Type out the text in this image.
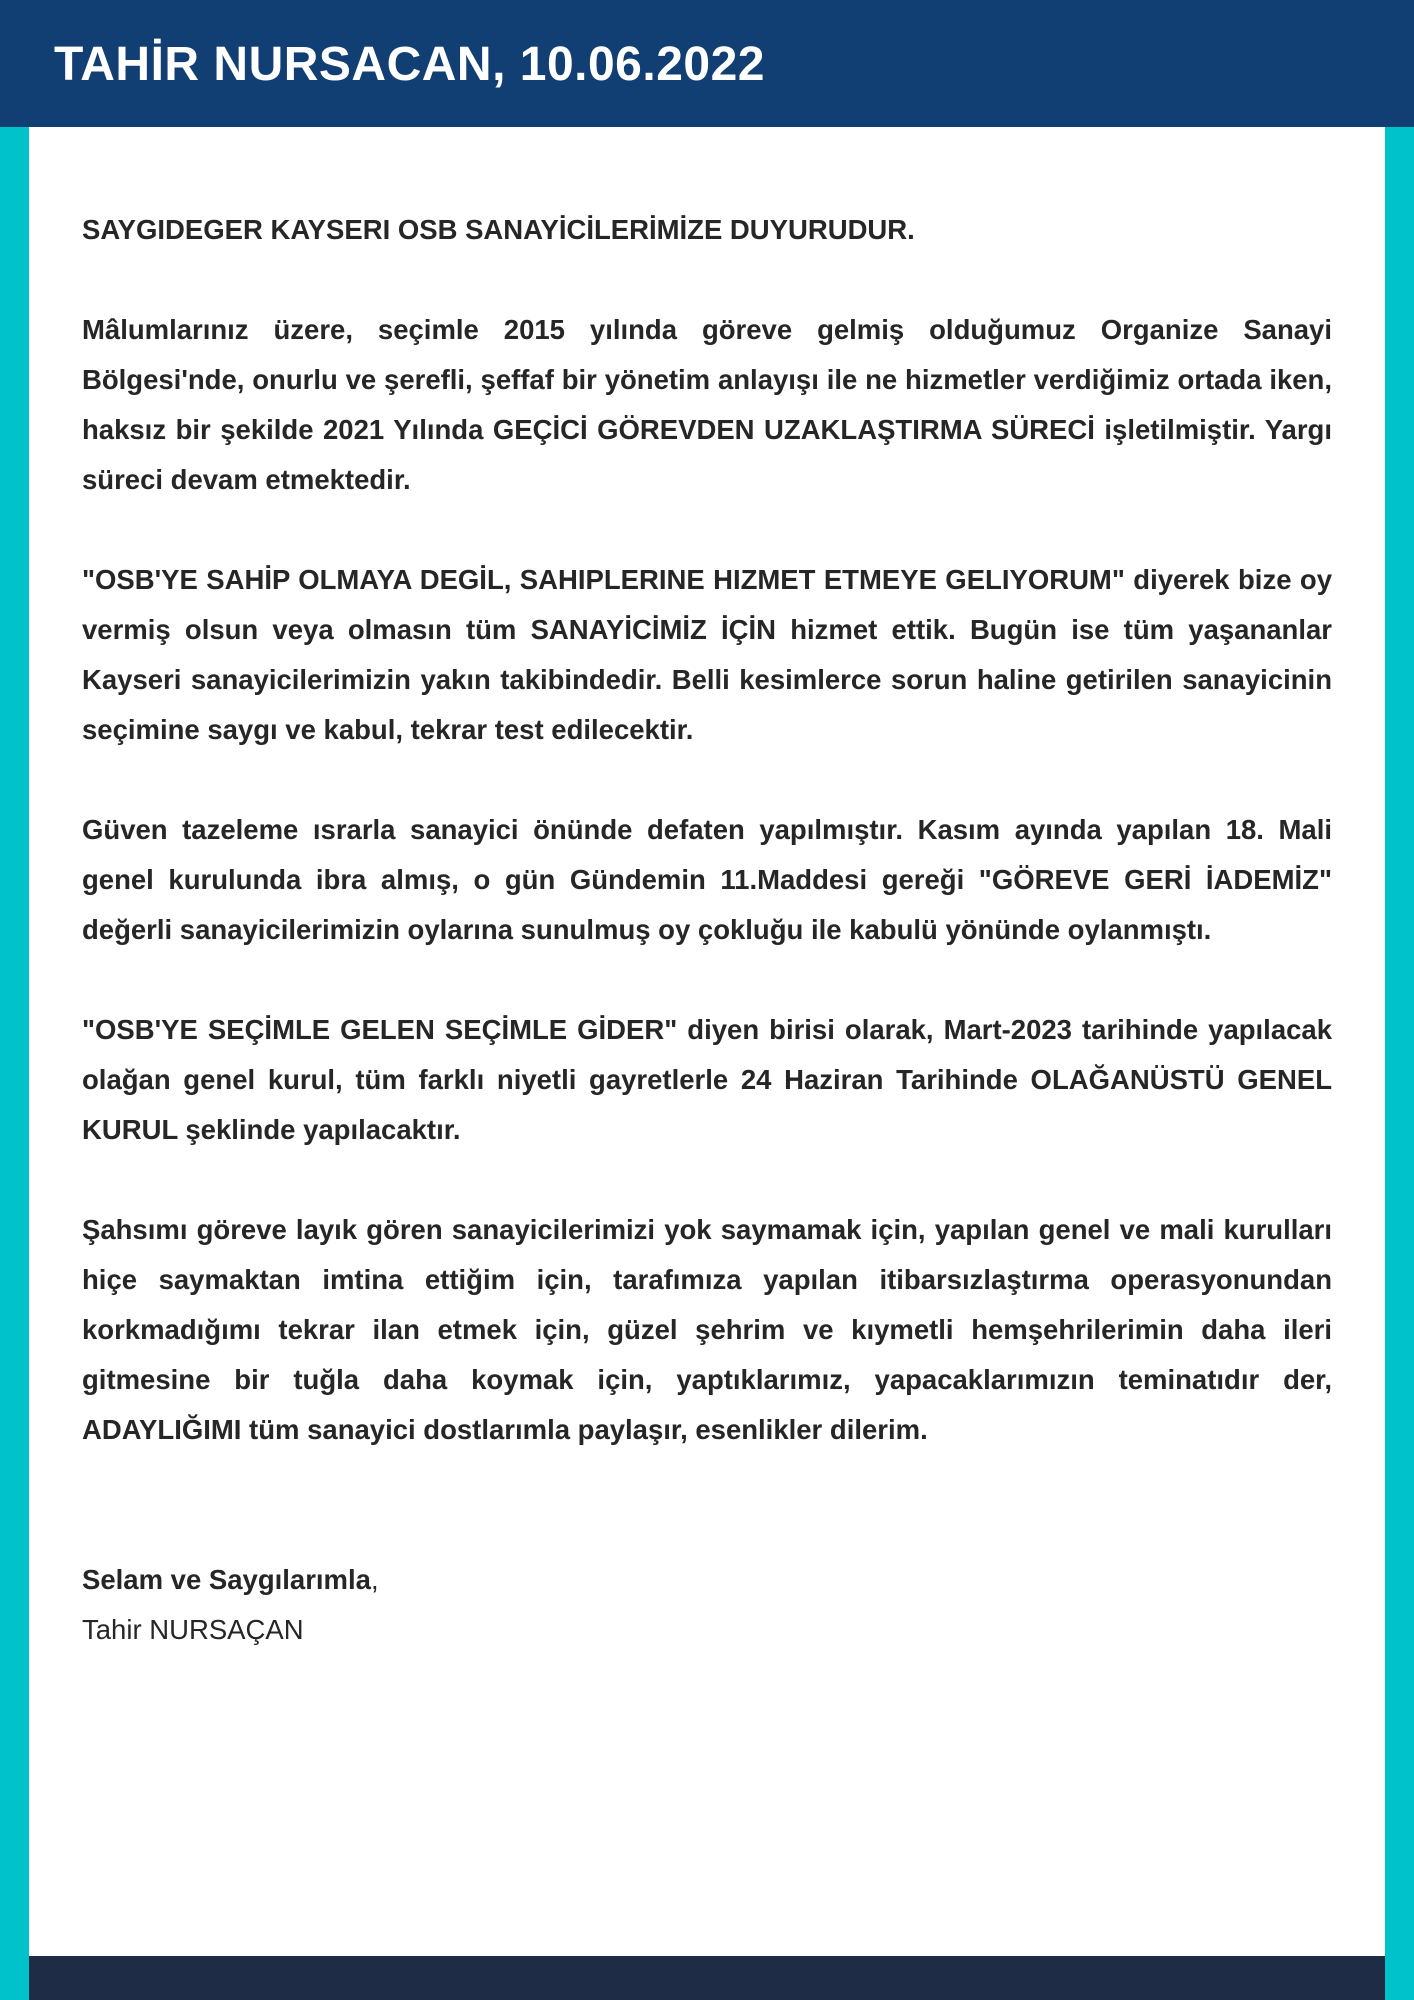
TAHİR NURSACAN, 10.06.2022

SAYGIDEGER KAYSERI OSB SANAYİCİLERİMİZE DUYURUDUR.

Mâlumlarınız üzere, seçimle 2015 yılında göreve gelmiş olduğumuz Organize Sanayi Bölgesi'nde, onurlu ve şerefli, şeffaf bir yönetim anlayışı ile ne hizmetler verdiğimiz ortada iken, haksız bir şekilde 2021 Yılında GEÇİCİ GÖREVDEN UZAKLAŞTIRMA SÜRECİ işletilmiştir. Yargı süreci devam etmektedir.

"OSB'YE SAHİP OLMAYA DEGİL, SAHIPLERINE HIZMET ETMEYE GELIYORUM" diyerek bize oy vermiş olsun veya olmasın tüm SANAYİCİMİZ İÇİN hizmet ettik. Bugün ise tüm yaşananlar Kayseri sanayicilerimizin yakın takibindedir. Belli kesimlerce sorun haline getirilen sanayicinin seçimine saygı ve kabul, tekrar test edilecektir.

Güven tazeleme ısrarla sanayici önünde defaten yapılmıştır. Kasım ayında yapılan 18. Mali genel kurulunda ibra almış, o gün Gündemin 11.Maddesi gereği "GÖREVE GERİ İADEMİZ" değerli sanayicilerimizin oylarına sunulmuş oy çokluğu ile kabulü yönünde oylanmıştı.

"OSB'YE SEÇİMLE GELEN SEÇİMLE GİDER" diyen birisi olarak, Mart-2023 tarihinde yapılacak olağan genel kurul, tüm farklı niyetli gayretlerle 24 Haziran Tarihinde OLAĞANÜSTÜ GENEL KURUL şeklinde yapılacaktır.

Şahsımı göreve layık gören sanayicilerimizi yok saymamak için, yapılan genel ve mali kurulları hiçe saymaktan imtina ettiğim için, tarafımıza yapılan itibarsızlaştırma operasyonundan korkmadığımı tekrar ilan etmek için, güzel şehrim ve kıymetli hemşehrilerimin daha ileri gitmesine bir tuğla daha koymak için, yaptıklarımız, yapacaklarımızın teminatıdır der, ADAYLIĞIMI tüm sanayici dostlarımla paylaşır, esenlikler dilerim.

Selam ve Saygılarımla,
Tahir NURSAÇAN
